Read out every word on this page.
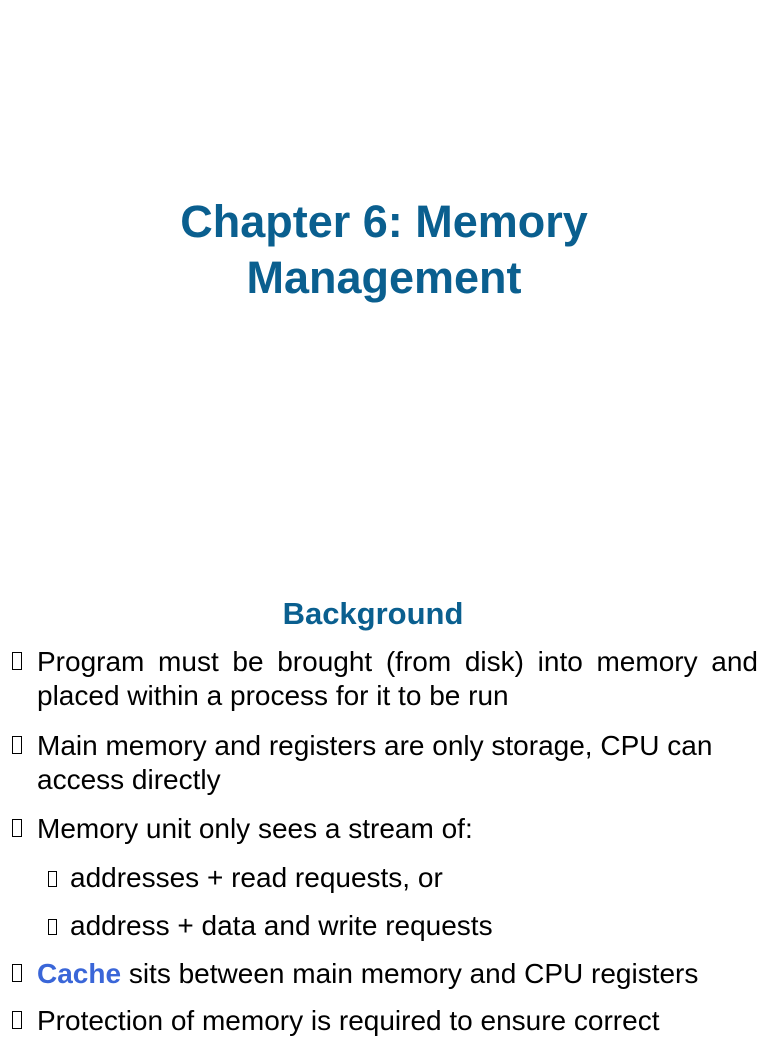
Chapter 6: Memory
Management
Background
Program must be brought (from disk) into memory and placed within a process for it to be run
Main memory and registers are only storage, CPU can access directly
Memory unit only sees a stream of:
addresses + read requests, or
address + data and write requests
Cache sits between main memory and CPU registers
Protection of memory is required to ensure correct
